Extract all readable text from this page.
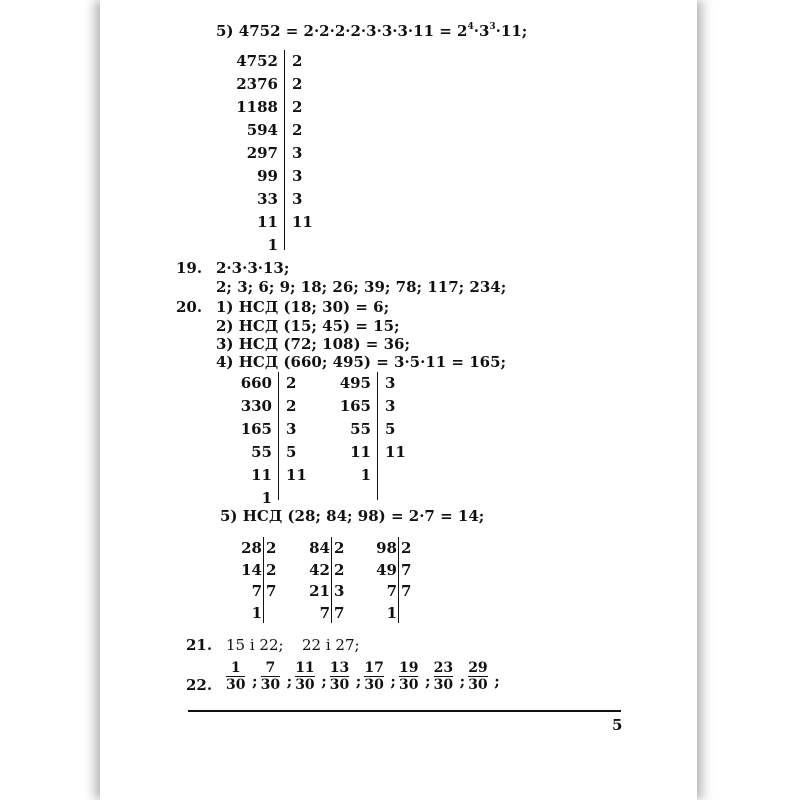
5) $4752 = 2\cdot 2\cdot 2\cdot 2\cdot 3\cdot 3\cdot 3\cdot 11 = 2^4\cdot 3^3\cdot 11$;
19. 2·3·3·13;
2; 3; 6; 9; 18; 26; 39; 78; 117; 234;
20. 1) НСД (18; 30) = 6;
2) НСД (15; 45) = 15;
3) НСД (72; 108) = 36;
4) НСД (660; 495) = 3·5·11 = 165;
5) НСД (28; 84; 98) = 2·7 = 14;
21. 15 і 22; 22 і 27;
22.
5
4752
2376
1188
594
297
99
33
11
1
2
2
2
2
3
3
3
11
660
330
165
55
11
1
2
2
3
5
11
495
165
55
11
1
3
3
5
11
28
14
7
1
2
2
7
84
42
21
7
2
2
3
7
98
49
7
1
2
7
7
$\frac{1}{30}$ ; $\frac{7}{30}$ ; $\frac{11}{30}$ ; $\frac{13}{30}$ ; $\frac{17}{30}$ ; $\frac{19}{30}$ ; $\frac{23}{30}$ ; $\frac{29}{30}$ ;
